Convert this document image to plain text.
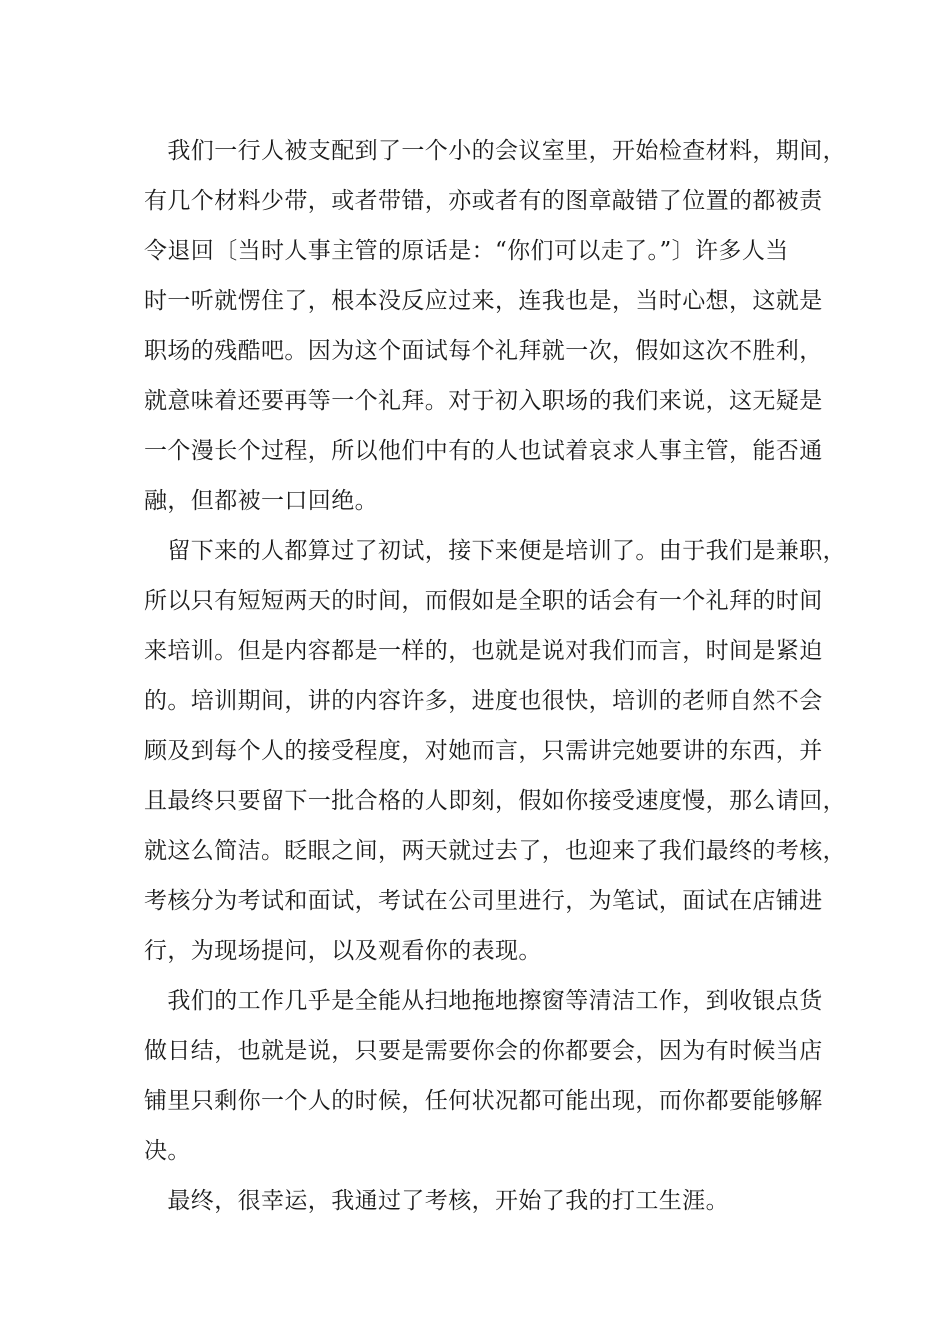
　我们一行人被支配到了一个小的会议室里，开始检查材料，期间，
有几个材料少带，或者带错，亦或者有的图章敲错了位置的都被责
令退回〔当时人事主管的原话是：“你们可以走了。”〕许多人当
时一听就愣住了，根本没反应过来，连我也是，当时心想，这就是
职场的残酷吧。因为这个面试每个礼拜就一次，假如这次不胜利，
就意味着还要再等一个礼拜。对于初入职场的我们来说，这无疑是
一个漫长个过程，所以他们中有的人也试着哀求人事主管，能否通
融，但都被一口回绝。
　留下来的人都算过了初试，接下来便是培训了。由于我们是兼职，
所以只有短短两天的时间，而假如是全职的话会有一个礼拜的时间
来培训。但是内容都是一样的，也就是说对我们而言，时间是紧迫
的。培训期间，讲的内容许多，进度也很快，培训的老师自然不会
顾及到每个人的接受程度，对她而言，只需讲完她要讲的东西，并
且最终只要留下一批合格的人即刻，假如你接受速度慢，那么请回，
就这么简洁。眨眼之间，两天就过去了，也迎来了我们最终的考核，
考核分为考试和面试，考试在公司里进行，为笔试，面试在店铺进
行，为现场提问，以及观看你的表现。
　我们的工作几乎是全能从扫地拖地擦窗等清洁工作，到收银点货
做日结，也就是说，只要是需要你会的你都要会，因为有时候当店
铺里只剩你一个人的时候，任何状况都可能出现，而你都要能够解
决。
　最终，很幸运，我通过了考核，开始了我的打工生涯。
